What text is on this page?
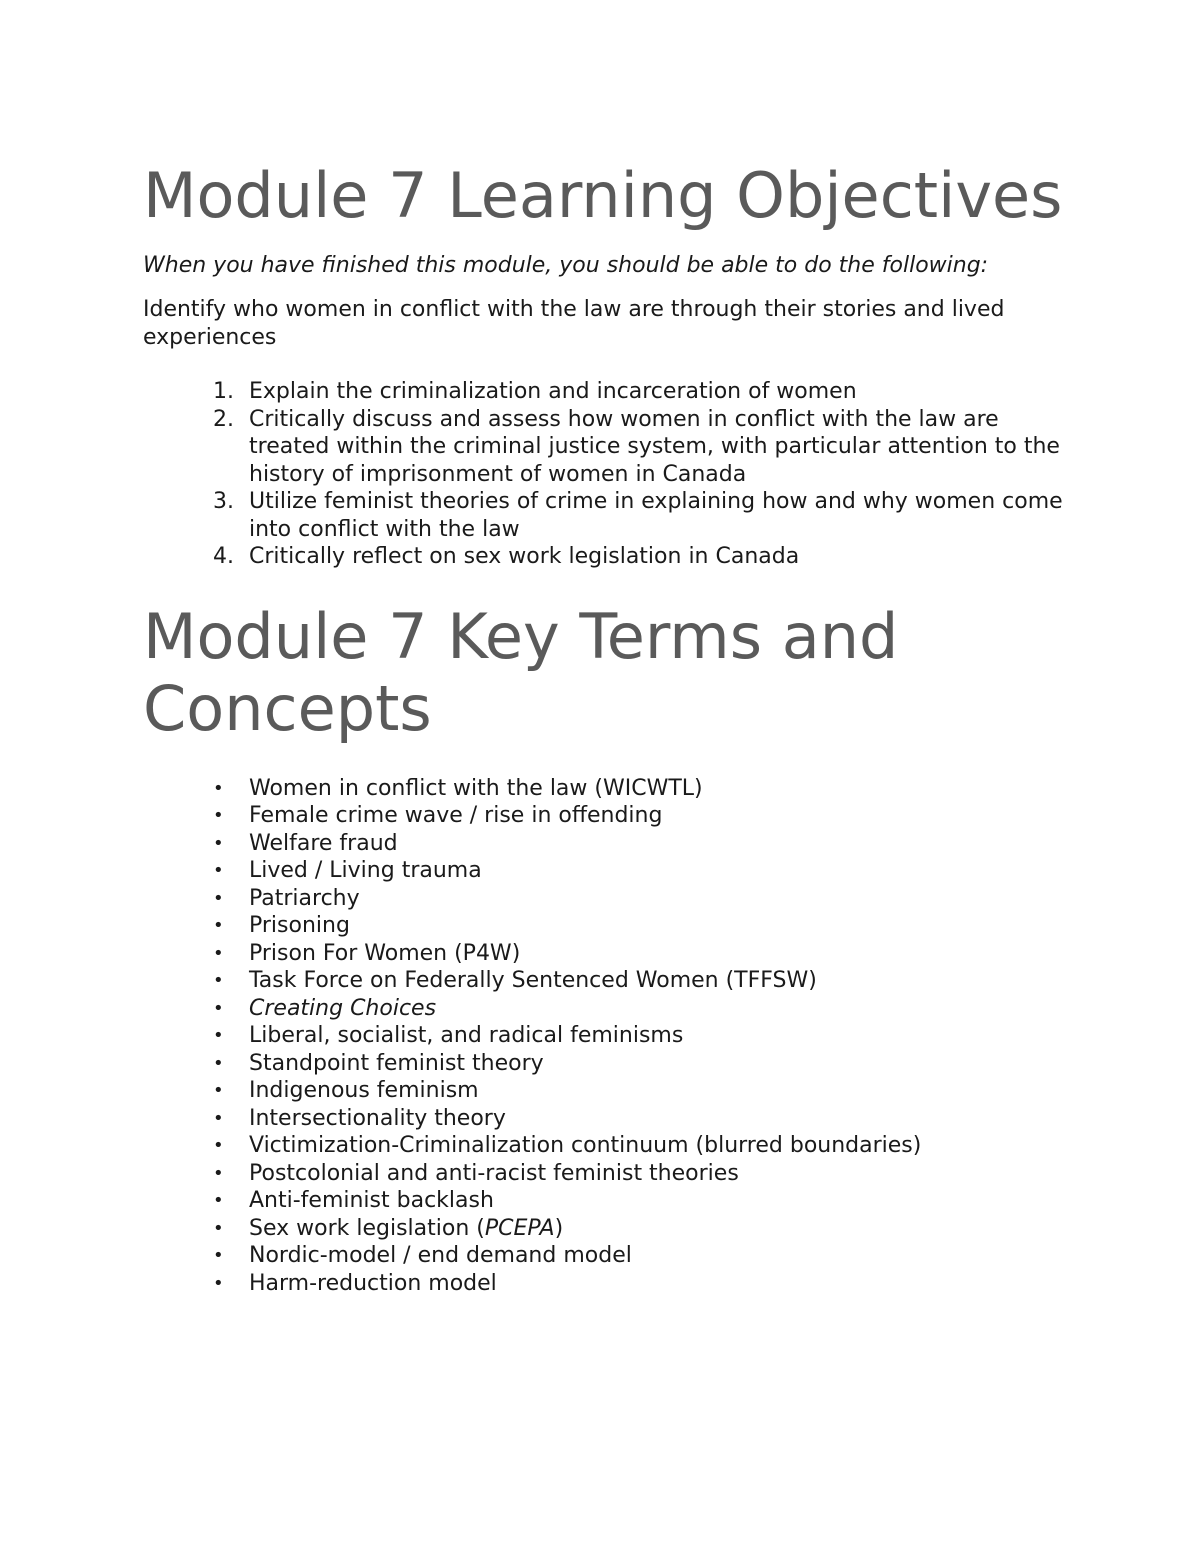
Module 7 Learning Objectives

When you have finished this module, you should be able to do the following:

Identify who women in conflict with the law are through their stories and lived experiences

1. Explain the criminalization and incarceration of women
2. Critically discuss and assess how women in conflict with the law are treated within the criminal justice system, with particular attention to the history of imprisonment of women in Canada
3. Utilize feminist theories of crime in explaining how and why women come into conflict with the law
4. Critically reflect on sex work legislation in Canada
Module 7 Key Terms and Concepts
• Women in conflict with the law (WICWTL)
• Female crime wave / rise in offending
• Welfare fraud
• Lived / Living trauma
• Patriarchy
• Prisoning
• Prison For Women (P4W)
• Task Force on Federally Sentenced Women (TFFSW)
• Creating Choices
• Liberal, socialist, and radical feminisms
• Standpoint feminist theory
• Indigenous feminism
• Intersectionality theory
• Victimization-Criminalization continuum (blurred boundaries)
• Postcolonial and anti-racist feminist theories
• Anti-feminist backlash
• Sex work legislation (PCEPA)
• Nordic-model / end demand model
• Harm-reduction model
